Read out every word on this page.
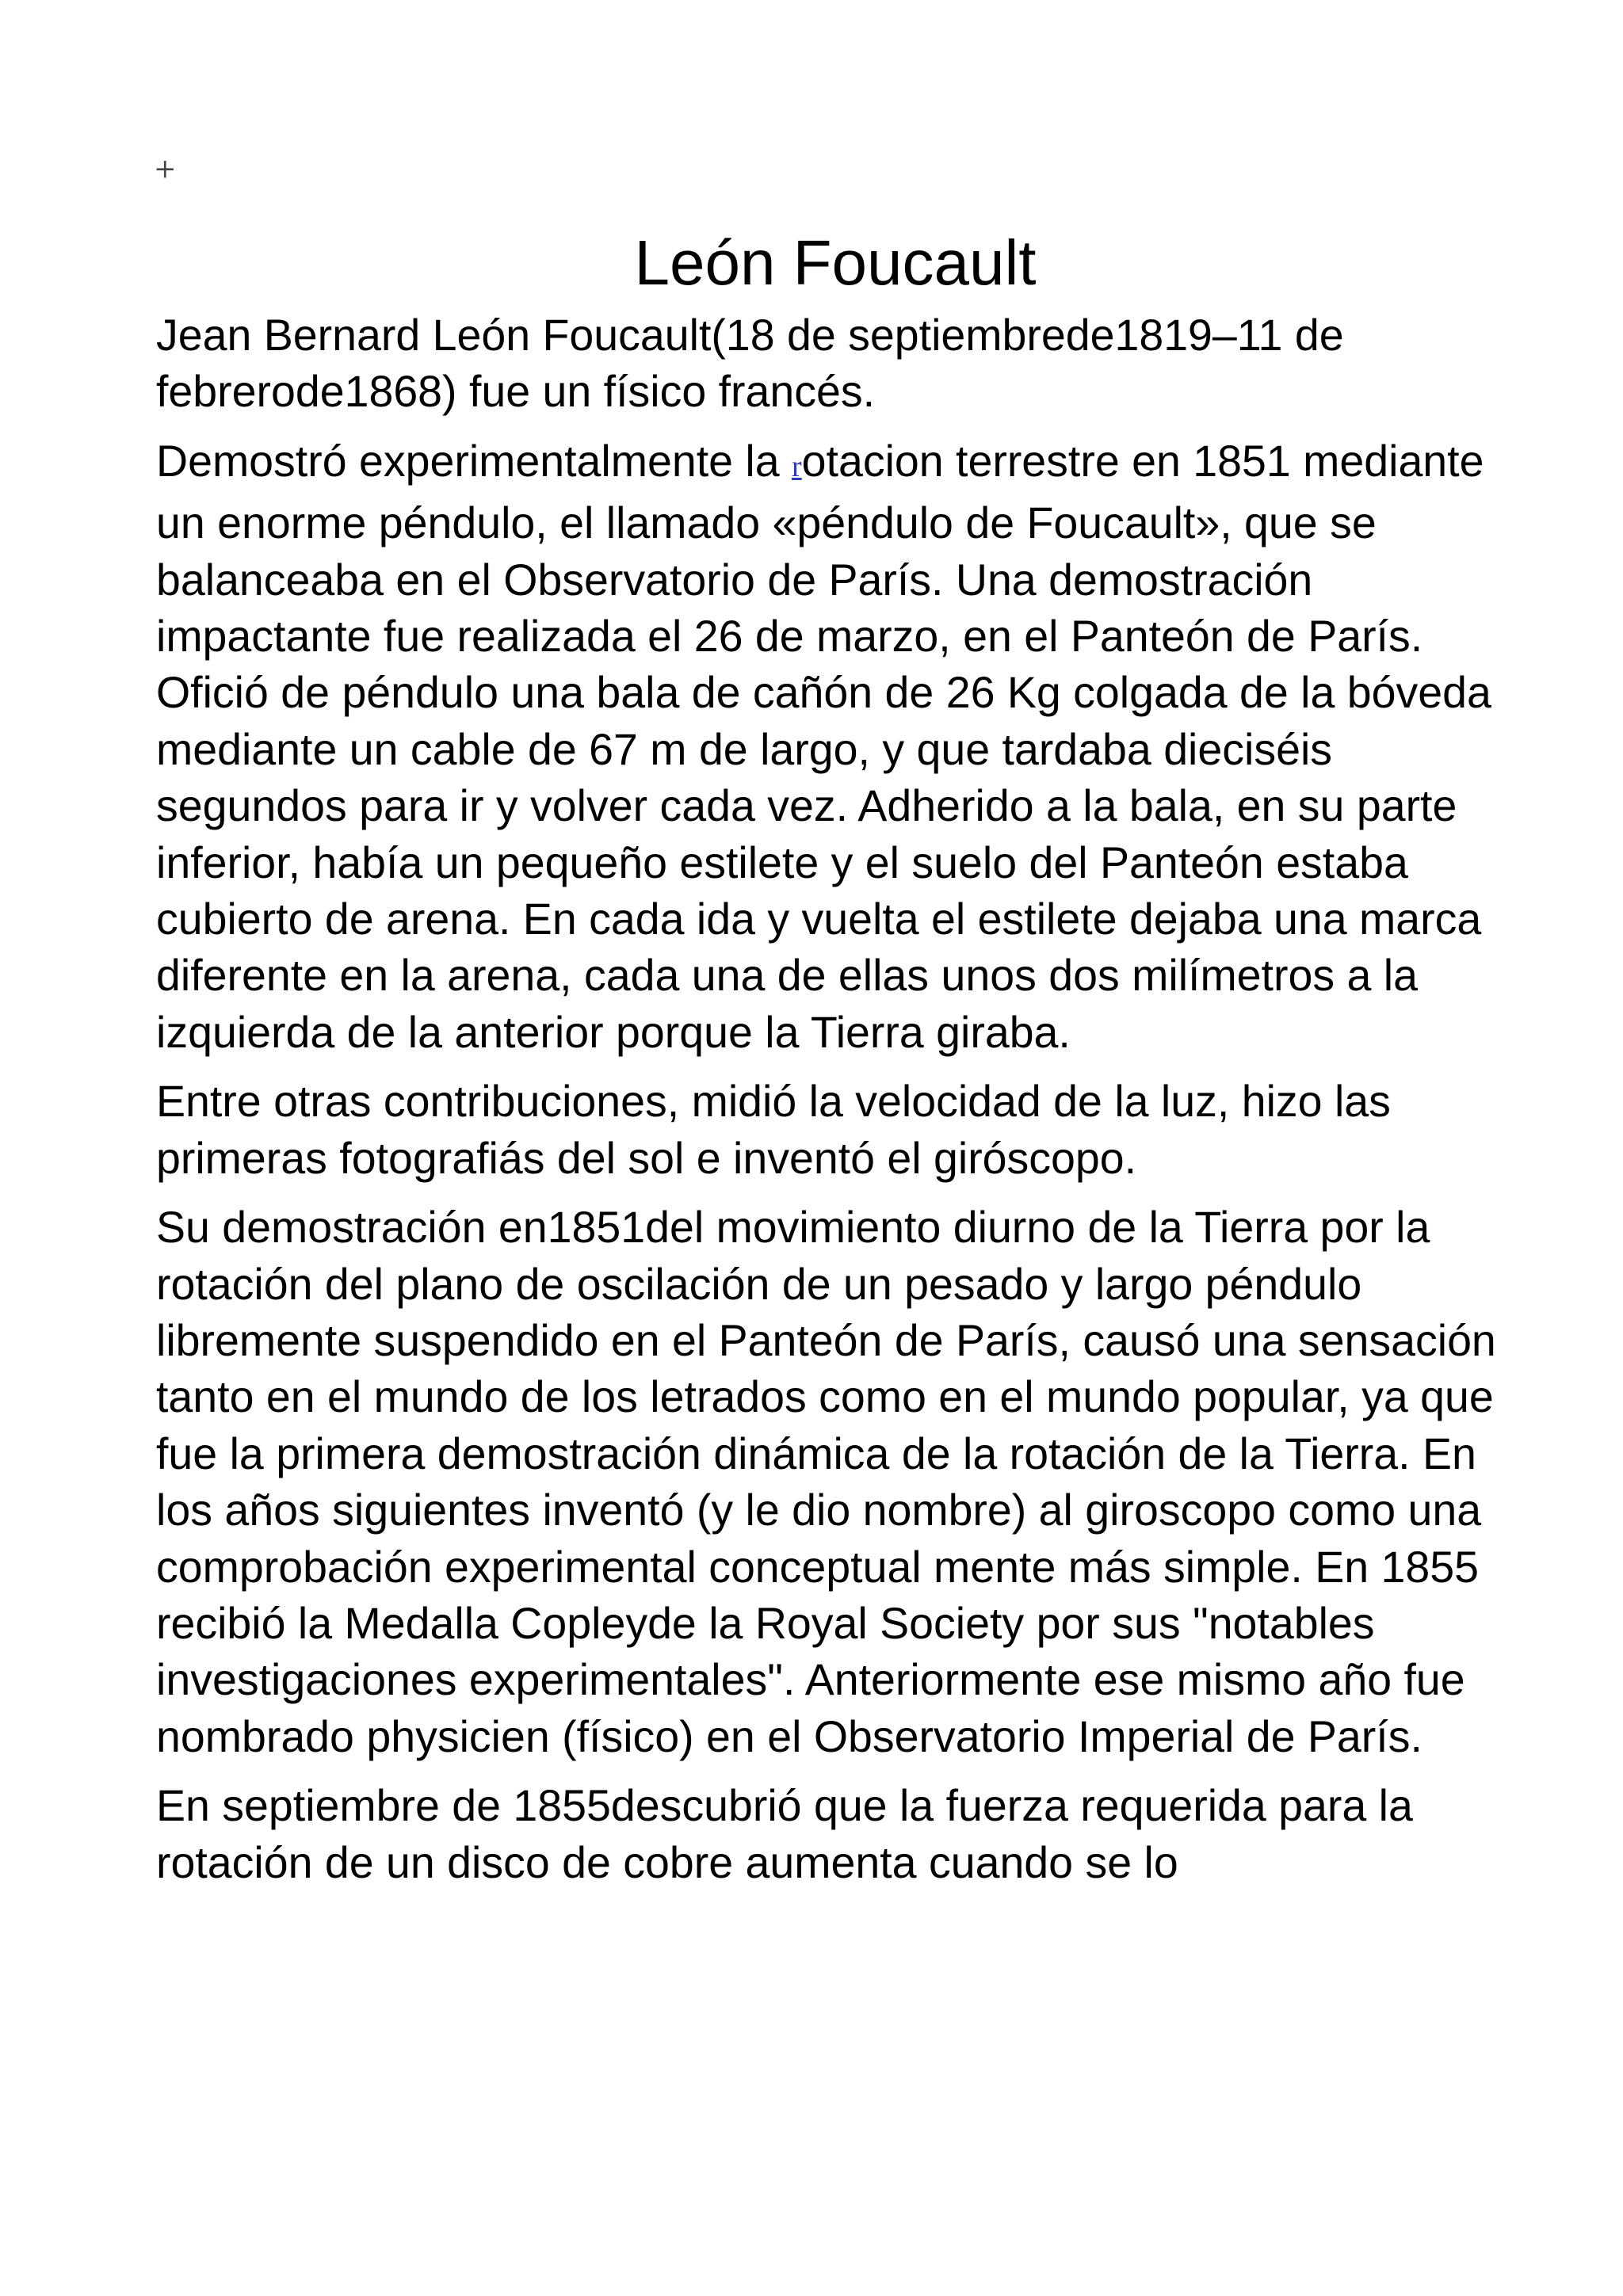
+
León Foucault

Jean Bernard León Foucault(18 de septiembrede1819–11 de febrerode1868) fue un físico francés.

Demostró experimentalmente la rotacion terrestre en 1851 mediante un enorme péndulo, el llamado «péndulo de Foucault», que se balanceaba en el Observatorio de París. Una demostración impactante fue realizada el 26 de marzo, en el Panteón de París. Ofició de péndulo una bala de cañón de 26 Kg colgada de la bóveda mediante un cable de 67 m de largo, y que tardaba dieciséis segundos para ir y volver cada vez. Adherido a la bala, en su parte inferior, había un pequeño estilete y el suelo del Panteón estaba cubierto de arena. En cada ida y vuelta el estilete dejaba una marca diferente en la arena, cada una de ellas unos dos milímetros a la izquierda de la anterior porque la Tierra giraba.

Entre otras contribuciones, midió la velocidad de la luz, hizo las primeras fotografiás del sol e inventó el giróscopo.

Su demostración en1851del movimiento diurno de la Tierra por la rotación del plano de oscilación de un pesado y largo péndulo libremente suspendido en el Panteón de París, causó una sensación tanto en el mundo de los letrados como en el mundo popular, ya que fue la primera demostración dinámica de la rotación de la Tierra. En los años siguientes inventó (y le dio nombre) al giroscopo como una comprobación experimental conceptual mente más simple. En 1855 recibió la Medalla Copleyde la Royal Society por sus "notables investigaciones experimentales". Anteriormente ese mismo año fue nombrado physicien (físico) en el Observatorio Imperial de París.

En septiembre de 1855descubrió que la fuerza requerida para la rotación de un disco de cobre aumenta cuando se lo
